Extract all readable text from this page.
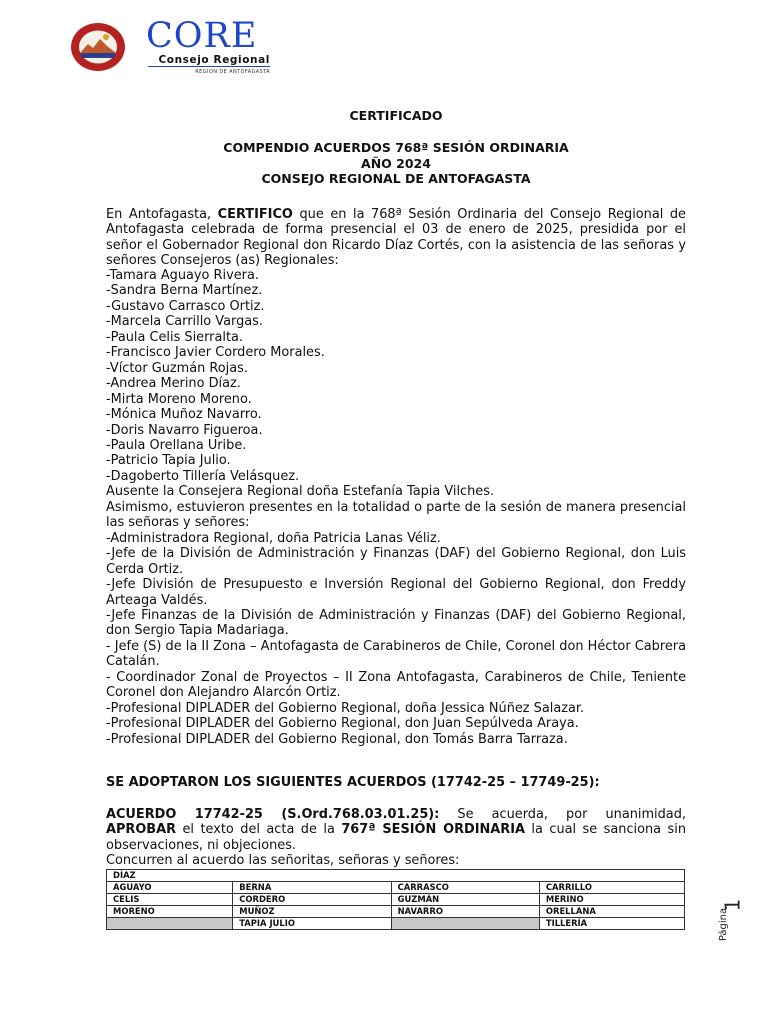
CORE
Consejo Regional
REGION DE ANTOFAGASTA
CERTIFICADO
COMPENDIO ACUERDOS 768ª SESIÓN ORDINARIA
AÑO 2024
CONSEJO REGIONAL DE ANTOFAGASTA
En Antofagasta, CERTIFICO que en la 768ª Sesión Ordinaria del Consejo Regional de Antofagasta celebrada de forma presencial el 03 de enero de 2025, presidida por el señor el Gobernador Regional don Ricardo Díaz Cortés, con la asistencia de las señoras y señores Consejeros (as) Regionales:
-Tamara Aguayo Rivera.
-Sandra Berna Martínez.
-Gustavo Carrasco Ortiz.
-Marcela Carrillo Vargas.
-Paula Celis Sierralta.
-Francisco Javier Cordero Morales.
-Víctor Guzmán Rojas.
-Andrea Merino Díaz.
-Mirta Moreno Moreno.
-Mónica Muñoz Navarro.
-Doris Navarro Figueroa.
-Paula Orellana Uribe.
-Patricio Tapia Julio.
-Dagoberto Tillería Velásquez.
Ausente la Consejera Regional doña Estefanía Tapia Vilches.
Asimismo, estuvieron presentes en la totalidad o parte de la sesión de manera presencial las señoras y señores:
-Administradora Regional, doña Patricia Lanas Véliz.
-Jefe de la División de Administración y Finanzas (DAF) del Gobierno Regional, don Luis Cerda Ortiz.
-Jefe División de Presupuesto e Inversión Regional del Gobierno Regional, don Freddy Arteaga Valdés.
-Jefe Finanzas de la División de Administración y Finanzas (DAF) del Gobierno Regional, don Sergio Tapia Madariaga.
- Jefe (S) de la II Zona – Antofagasta de Carabineros de Chile, Coronel don Héctor Cabrera Catalán.
- Coordinador Zonal de Proyectos – II Zona Antofagasta, Carabineros de Chile, Teniente Coronel don Alejandro Alarcón Ortiz.
-Profesional DIPLADER del Gobierno Regional, doña Jessica Núñez Salazar.
-Profesional DIPLADER del Gobierno Regional, don Juan Sepúlveda Araya.
-Profesional DIPLADER del Gobierno Regional, don Tomás Barra Tarraza.
SE ADOPTARON LOS SIGUIENTES ACUERDOS (17742-25 – 17749-25):
ACUERDO 17742-25 (S.Ord.768.03.01.25): Se acuerda, por unanimidad,
APROBAR el texto del acta de la 767ª SESIÓN ORDINARIA la cual se sanciona sin observaciones, ni objeciones.
Concurren al acuerdo las señoritas, señoras y señores:
DÍAZ			
AGUAYO	BERNA	CARRASCO	CARRILLO
CELIS	CORDERO	GUZMÁN	MERINO
MORENO	MUÑOZ	NAVARRO	ORELLANA
	TAPIA JULIO		TILLERÍA
1
Página
